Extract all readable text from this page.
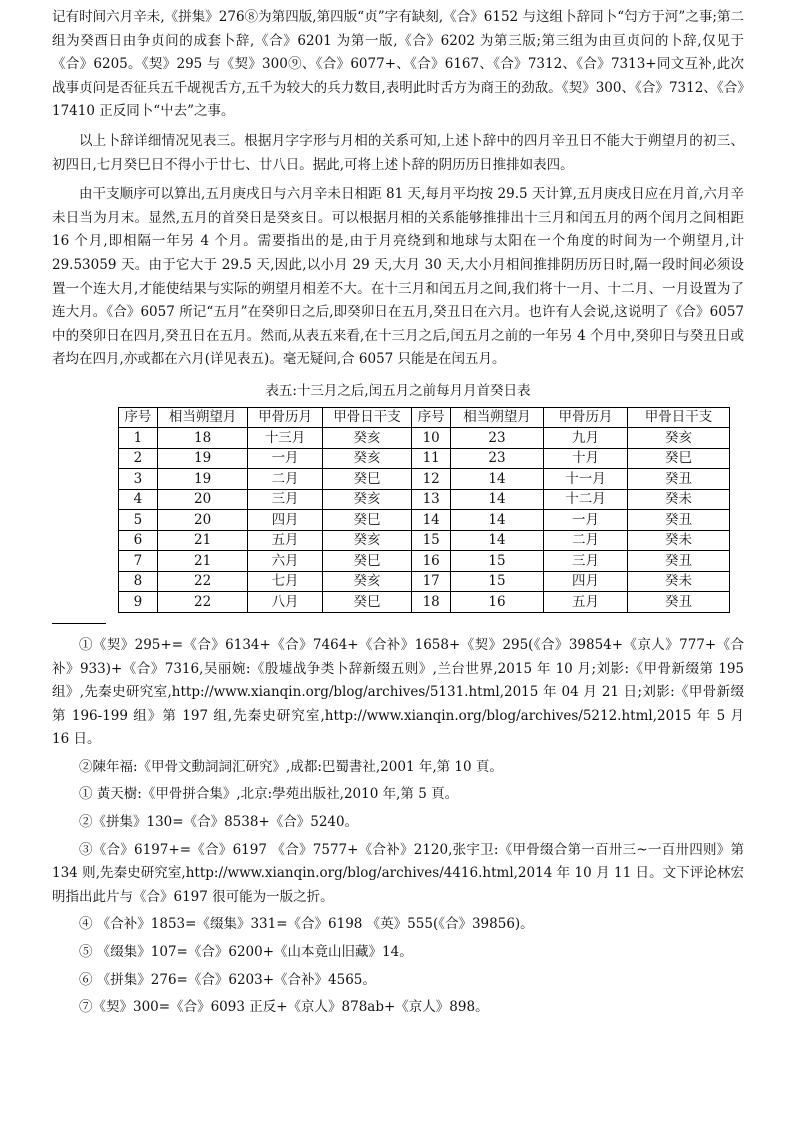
记有时间六月辛未,《拼集》276⑧为第四版,第四版“贞”字有缺刻,《合》6152 与这组卜辞同卜“匄方于河”之事;第二组为癸酉日由争贞问的成套卜辞,《合》6201 为第一版,《合》6202 为第三版;第三组为由亘贞问的卜辞,仅见于《合》6205。《契》295 与《契》300⑨、《合》6077+、《合》6167、《合》7312、《合》7313+同文互补,此次战事贞问是否征兵五千觇视舌方,五千为较大的兵力数目,表明此时舌方为商王的劲敌。《契》300、《合》7312、《合》17410 正反同卜“屮去”之事。

以上卜辞详细情况见表三。根据月字字形与月相的关系可知,上述卜辞中的四月辛丑日不能大于朔望月的初三、初四日,七月癸巳日不得小于廿七、廿八日。据此,可将上述卜辞的阴历历日推排如表四。

由干支顺序可以算出,五月庚戌日与六月辛未日相距 81 天,每月平均按 29.5 天计算,五月庚戌日应在月首,六月辛未日当为月末。显然,五月的首癸日是癸亥日。可以根据月相的关系能够推排出十三月和闰五月的两个闰月之间相距 16 个月,即相隔一年另 4 个月。需要指出的是,由于月亮绕到和地球与太阳在一个角度的时间为一个朔望月,计 29.53059 天。由于它大于 29.5 天,因此,以小月 29 天,大月 30 天,大小月相间推排阴历历日时,隔一段时间必须设置一个连大月,才能使结果与实际的朔望月相差不大。在十三月和闰五月之间,我们将十一月、十二月、一月设置为了连大月。《合》6057 所记“五月”在癸卯日之后,即癸卯日在五月,癸丑日在六月。也许有人会说,这说明了《合》6057 中的癸卯日在四月,癸丑日在五月。然而,从表五来看,在十三月之后,闰五月之前的一年另 4 个月中,癸卯日与癸丑日或者均在四月,亦或都在六月(详见表五)。毫无疑问,合 6057 只能是在闰五月。

表五:十三月之后,闰五月之前每月月首癸日表
序号	相当朔望月	甲骨历月	甲骨日干支	序号	相当朔望月	甲骨历月	甲骨日干支
1	18	十三月	癸亥	10	23	九月	癸亥
2	19	一月	癸亥	11	23	十月	癸巳
3	19	二月	癸巳	12	14	十一月	癸丑
4	20	三月	癸亥	13	14	十二月	癸未
5	20	四月	癸巳	14	14	一月	癸丑
6	21	五月	癸亥	15	14	二月	癸未
7	21	六月	癸巳	16	15	三月	癸丑
8	22	七月	癸亥	17	15	四月	癸未
9	22	八月	癸巳	18	16	五月	癸丑

①《契》295+=《合》6134+《合》7464+《合补》1658+《契》295(《合》39854+《京人》777+《合补》933)+《合》7316,吴丽婉:《殷墟战争类卜辞新缀五则》,兰台世界,2015 年 10 月;刘影:《甲骨新缀第 195 组》,先秦史研究室,http://www.xianqin.org/blog/archives/5131.html,2015 年 04 月 21 日;刘影:《甲骨新缀第 196-199 组》第 197 组,先秦史研究室,http://www.xianqin.org/blog/archives/5212.html,2015 年 5 月 16 日。

②陳年福:《甲骨文動詞詞汇研究》,成都:巴蜀書社,2001 年,第 10 頁。

① 黃天樹:《甲骨拼合集》,北京:學苑出版社,2010 年,第 5 頁。

②《拼集》130=《合》8538+《合》5240。

③《合》6197+=《合》6197 《合》7577+《合补》2120,张宇卫:《甲骨缀合第一百卅三~一百卅四则》第 134 则,先秦史研究室,http://www.xianqin.org/blog/archives/4416.html,2014 年 10 月 11 日。文下评论林宏明指出此片与《合》6197 很可能为一版之折。

④ 《合补》1853=《缀集》331=《合》6198 《英》555(《合》39856)。

⑤ 《缀集》107=《合》6200+《山本竟山旧藏》14。

⑥ 《拼集》276=《合》6203+《合补》4565。

⑦《契》300=《合》6093 正反+《京人》878ab+《京人》898。
